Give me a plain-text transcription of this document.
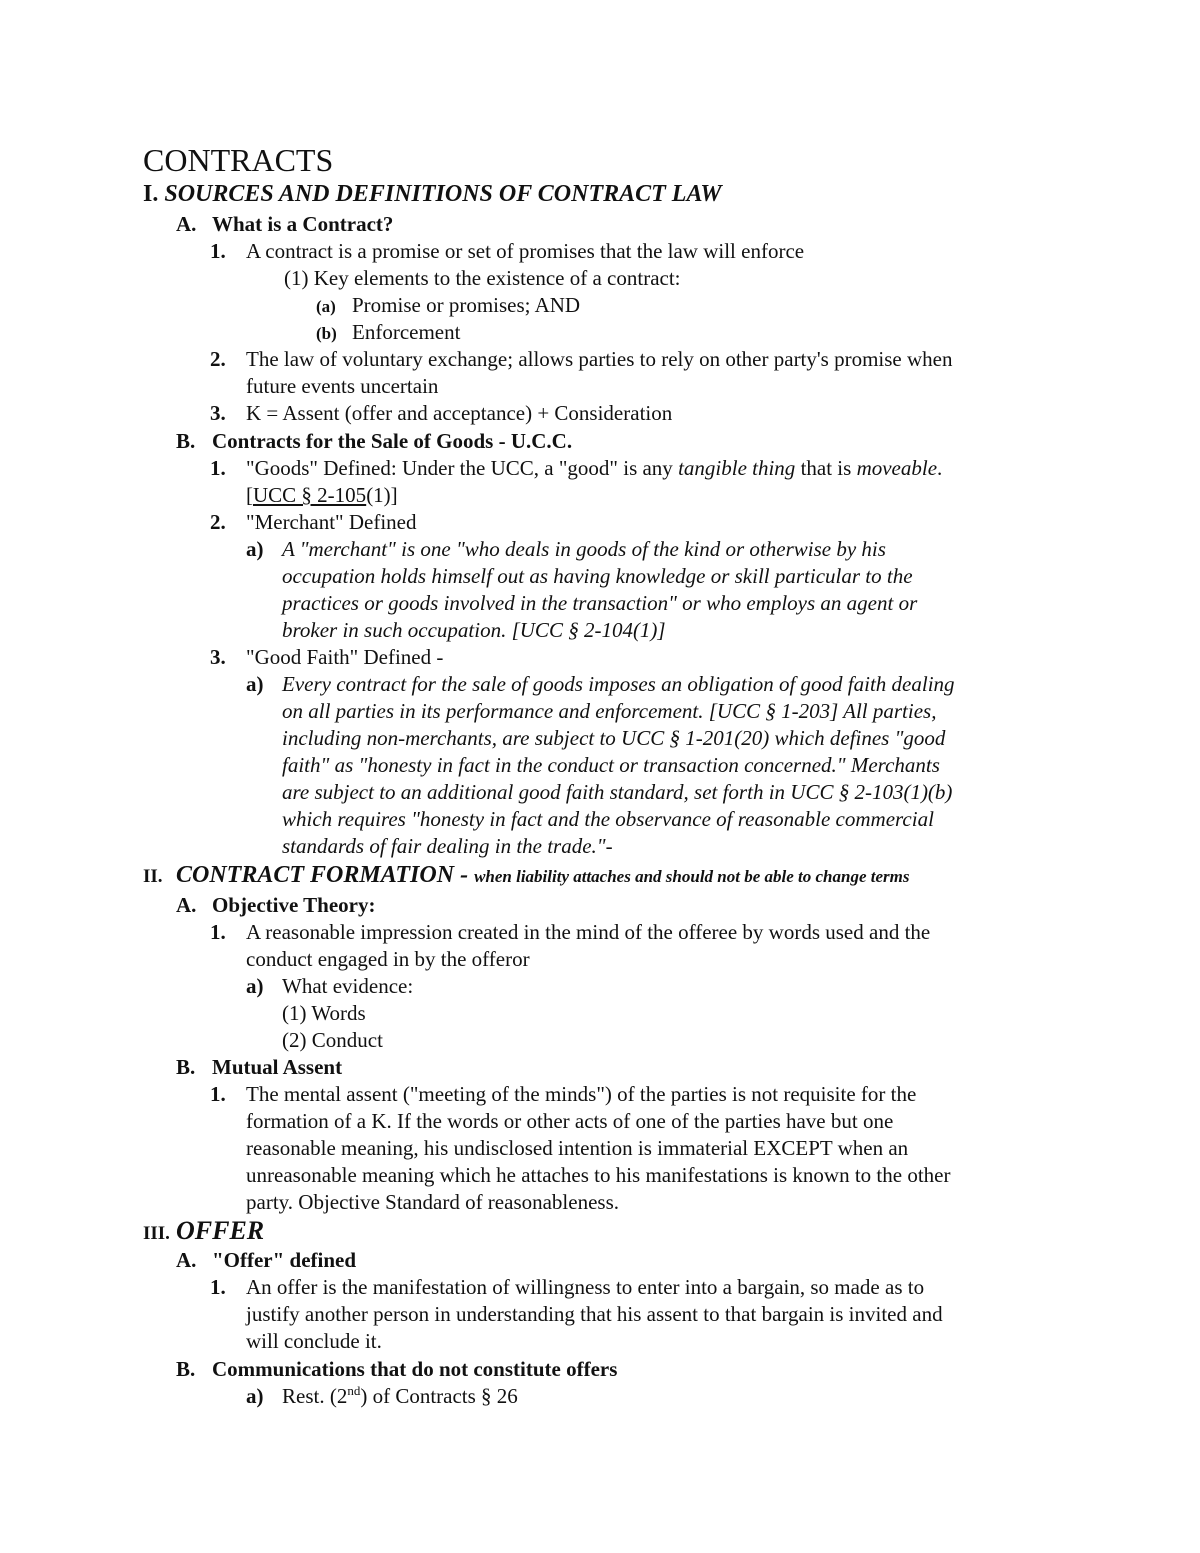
CONTRACTS
I. SOURCES AND DEFINITIONS OF CONTRACT LAW
A. What is a Contract?
1. A contract is a promise or set of promises that the law will enforce
(1) Key elements to the existence of a contract:
(a) Promise or promises; AND
(b) Enforcement
2. The law of voluntary exchange; allows parties to rely on other party's promise when
future events uncertain
3. K = Assent (offer and acceptance) + Consideration
B. Contracts for the Sale of Goods - U.C.C.
1. "Goods" Defined: Under the UCC, a "good" is any tangible thing that is moveable.
[UCC § 2-105(1)]
2. "Merchant" Defined
a) A "merchant" is one "who deals in goods of the kind or otherwise by his
occupation holds himself out as having knowledge or skill particular to the
practices or goods involved in the transaction" or who employs an agent or
broker in such occupation. [UCC § 2-104(1)]
3. "Good Faith" Defined -
a) Every contract for the sale of goods imposes an obligation of good faith dealing
on all parties in its performance and enforcement. [UCC § 1-203] All parties,
including non-merchants, are subject to UCC § 1-201(20) which defines "good
faith" as "honesty in fact in the conduct or transaction concerned." Merchants
are subject to an additional good faith standard, set forth in UCC § 2-103(1)(b)
which requires "honesty in fact and the observance of reasonable commercial
standards of fair dealing in the trade."-
II. CONTRACT FORMATION - when liability attaches and should not be able to change terms
A. Objective Theory:
1. A reasonable impression created in the mind of the offeree by words used and the
conduct engaged in by the offeror
a) What evidence:
(1) Words
(2) Conduct
B. Mutual Assent
1. The mental assent ("meeting of the minds") of the parties is not requisite for the
formation of a K. If the words or other acts of one of the parties have but one
reasonable meaning, his undisclosed intention is immaterial EXCEPT when an
unreasonable meaning which he attaches to his manifestations is known to the other
party. Objective Standard of reasonableness.
III. OFFER
A. "Offer" defined
1. An offer is the manifestation of willingness to enter into a bargain, so made as to
justify another person in understanding that his assent to that bargain is invited and
will conclude it.
B. Communications that do not constitute offers
a) Rest. (2nd) of Contracts § 26
